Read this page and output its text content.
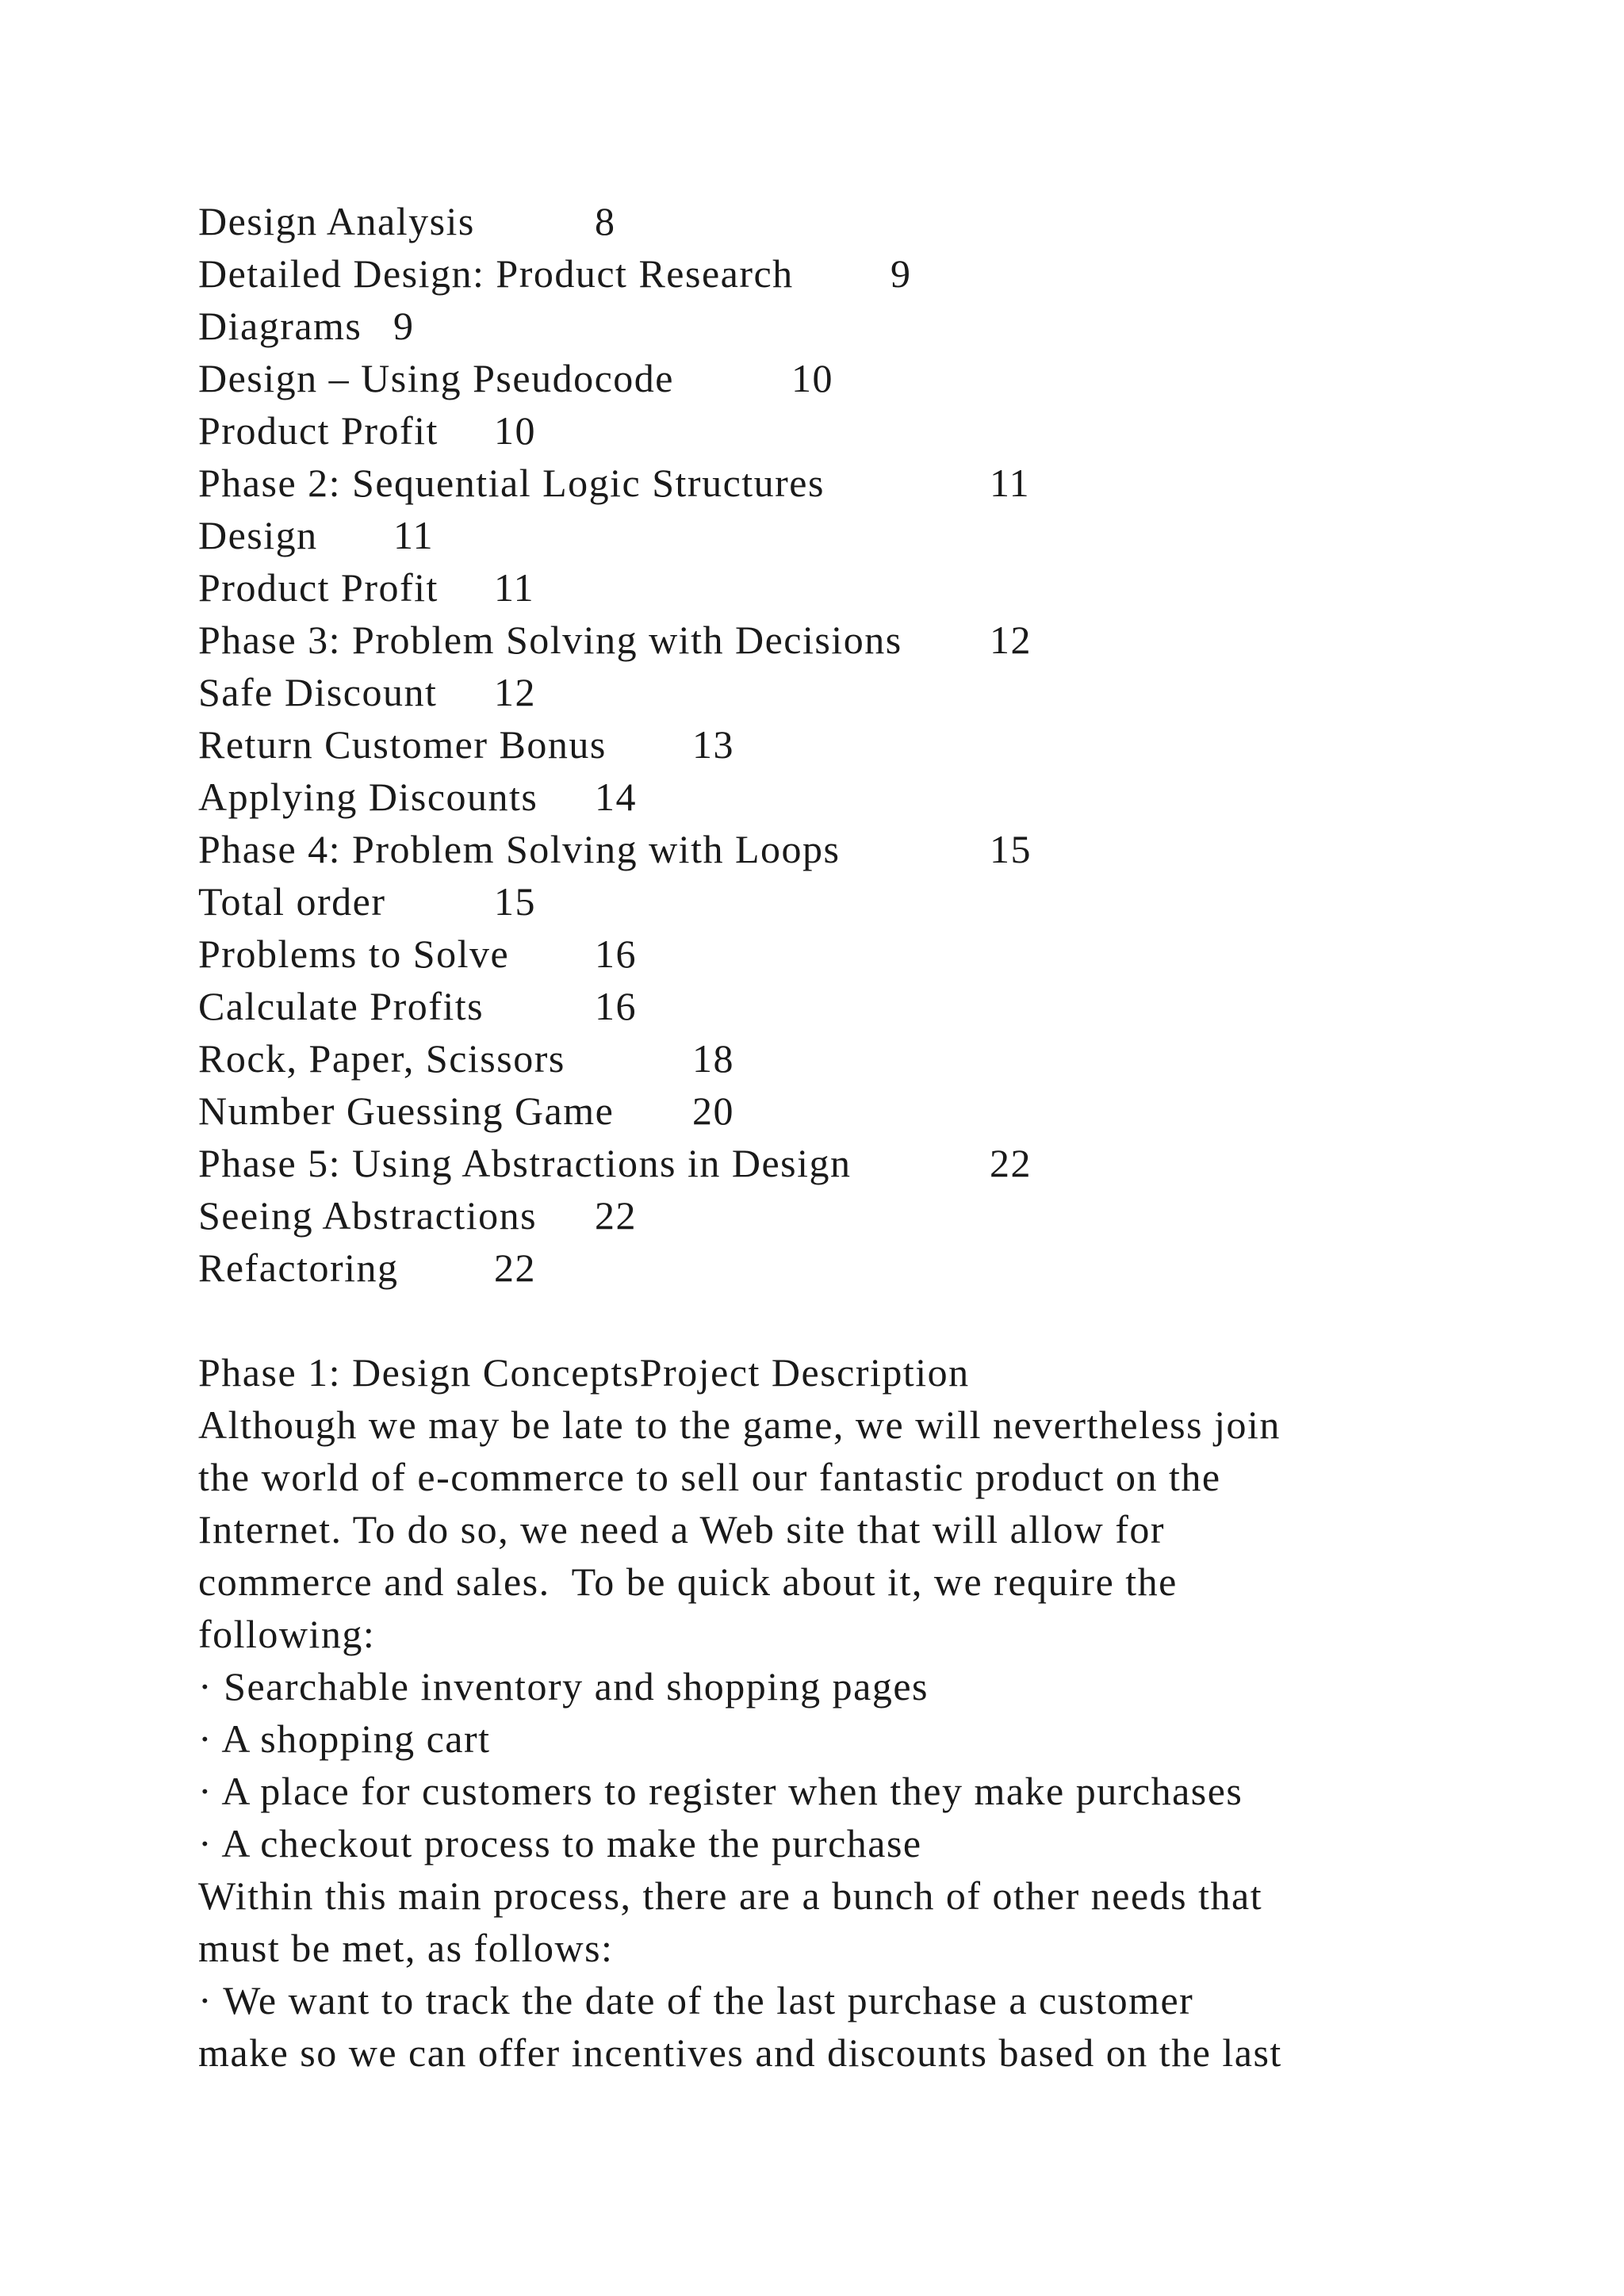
Design Analysis	8
Detailed Design: Product Research 9
Diagrams 9
Design – Using Pseudocode	10
Product Profit 10
Phase 2: Sequential Logic Structures	11
Design 11
Product Profit 11
Phase 3: Problem Solving with Decisions 12
Safe Discount 12
Return Customer Bonus 13
Applying Discounts 14
Phase 4: Problem Solving with Loops	15
Total order	15
Problems to Solve 16
Calculate Profits	16
Rock, Paper, Scissors	18
Number Guessing Game 20
Phase 5: Using Abstractions in Design	22
Seeing Abstractions 22
Refactoring 22
Phase 1: Design ConceptsProject Description
Although we may be late to the game, we will nevertheless join
the world of e-commerce to sell our fantastic product on the
Internet. To do so, we need a Web site that will allow for
commerce and sales.  To be quick about it, we require the
following:
· Searchable inventory and shopping pages
· A shopping cart
· A place for customers to register when they make purchases
· A checkout process to make the purchase
Within this main process, there are a bunch of other needs that
must be met, as follows:
· We want to track the date of the last purchase a customer
make so we can offer incentives and discounts based on the last
